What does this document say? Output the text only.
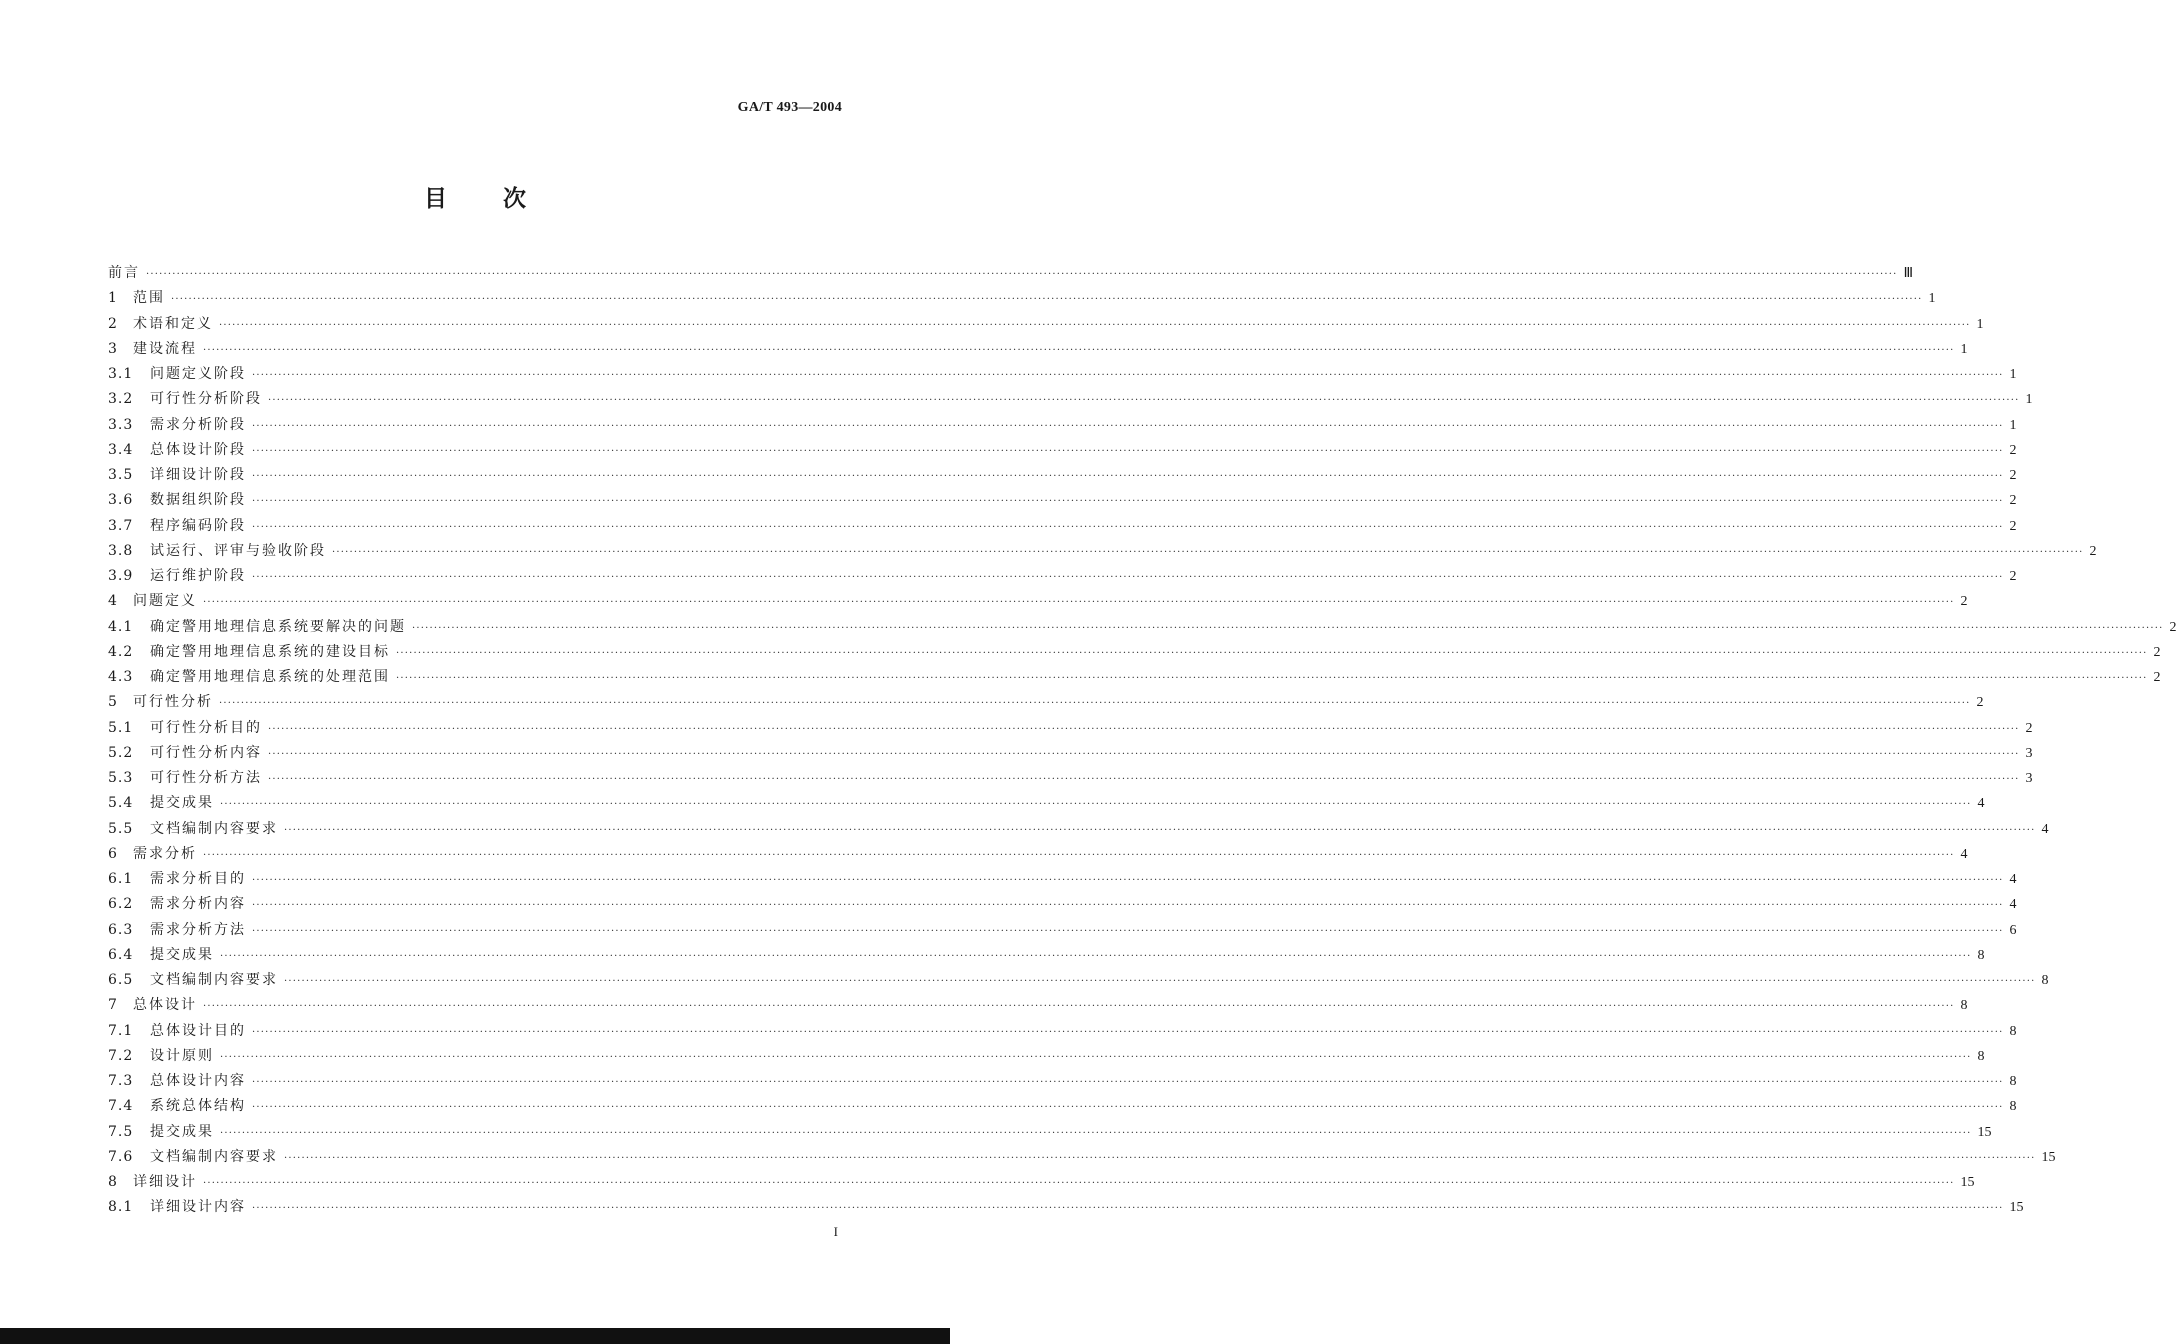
GA/T 493—2004
目 次
前言 ················································································································································································································································································································································································································ Ⅲ
1	范围 ················································································································································································································································································································································································································ 1
2	术语和定义 ················································································································································································································································································································································································································ 1
3	建设流程 ················································································································································································································································································································································································································ 1
3.1	问题定义阶段 ················································································································································································································································································································································································································ 1
3.2	可行性分析阶段 ················································································································································································································································································································································································································ 1
3.3	需求分析阶段 ················································································································································································································································································································································································································ 1
3.4	总体设计阶段 ················································································································································································································································································································································································································ 2
3.5	详细设计阶段 ················································································································································································································································································································································································································ 2
3.6	数据组织阶段 ················································································································································································································································································································································································································ 2
3.7	程序编码阶段 ················································································································································································································································································································································································································ 2
3.8	试运行、评审与验收阶段 ················································································································································································································································································································································································································ 2
3.9	运行维护阶段 ················································································································································································································································································································································································································ 2
4	问题定义 ················································································································································································································································································································································································································ 2
4.1	确定警用地理信息系统要解决的问题 ················································································································································································································································································································································································································ 2
4.2	确定警用地理信息系统的建设目标 ················································································································································································································································································································································································································ 2
4.3	确定警用地理信息系统的处理范围 ················································································································································································································································································································································································································ 2
5	可行性分析 ················································································································································································································································································································································································································ 2
5.1	可行性分析目的 ················································································································································································································································································································································································································ 2
5.2	可行性分析内容 ················································································································································································································································································································································································································ 3
5.3	可行性分析方法 ················································································································································································································································································································································································································ 3
5.4	提交成果 ················································································································································································································································································································································································································ 4
5.5	文档编制内容要求 ················································································································································································································································································································································································································ 4
6	需求分析 ················································································································································································································································································································································································································ 4
6.1	需求分析目的 ················································································································································································································································································································································································································ 4
6.2	需求分析内容 ················································································································································································································································································································································································································ 4
6.3	需求分析方法 ················································································································································································································································································································································································································ 6
6.4	提交成果 ················································································································································································································································································································································································································ 8
6.5	文档编制内容要求 ················································································································································································································································································································································································································ 8
7	总体设计 ················································································································································································································································································································································································································ 8
7.1	总体设计目的 ················································································································································································································································································································································································································ 8
7.2	设计原则 ················································································································································································································································································································································································································ 8
7.3	总体设计内容 ················································································································································································································································································································································································································ 8
7.4	系统总体结构 ················································································································································································································································································································································································································ 8
7.5	提交成果 ················································································································································································································································································································································································································ 15
7.6	文档编制内容要求 ················································································································································································································································································································································································································ 15
8	详细设计 ················································································································································································································································································································································································································ 15
8.1	详细设计内容 ················································································································································································································································································································································································································ 15
I
